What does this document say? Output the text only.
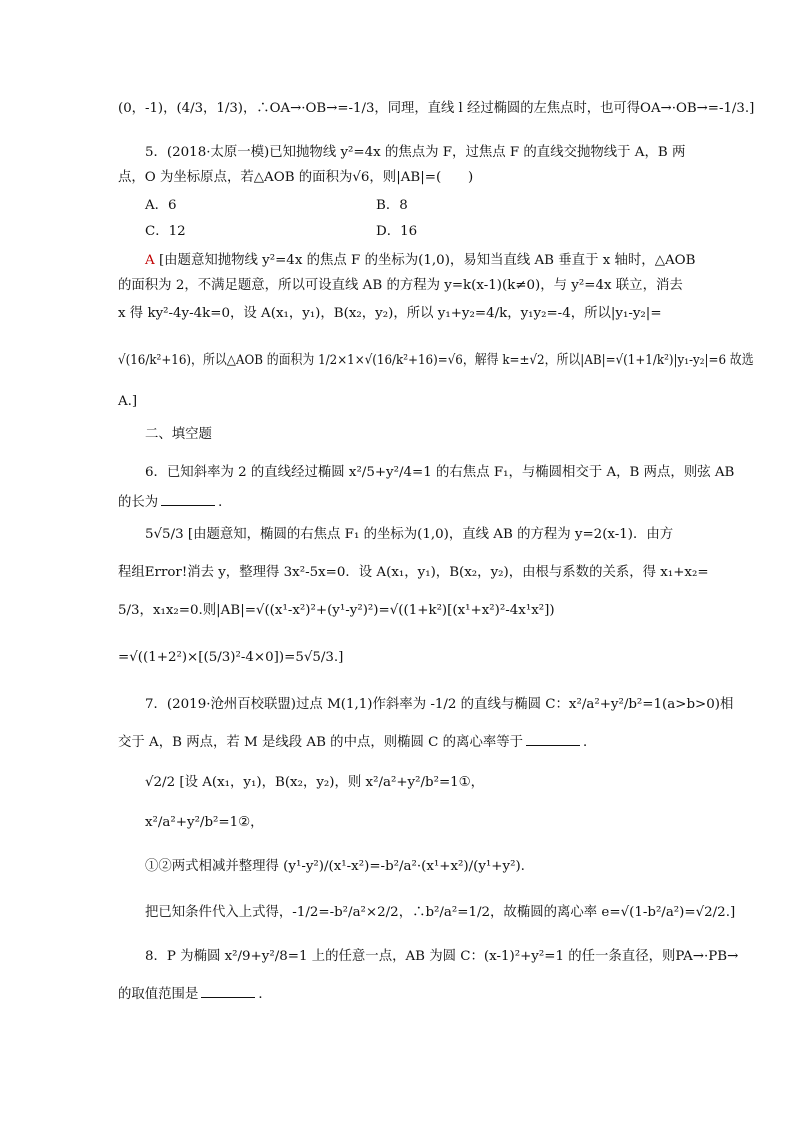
(0，-1)，(4/3，1/3)，∴OA→·OB→=-1/3，同理，直线 l 经过椭圆的左焦点时，也可得OA→·OB→=-1/3.]
5．(2018·太原一模)已知抛物线 y²=4x 的焦点为 F，过焦点 F 的直线交抛物线于 A，B 两
点，O 为坐标原点，若△AOB 的面积为√6，则|AB|=(　　)
A．6	B．8
C．12	D．16
A [由题意知抛物线 y²=4x 的焦点 F 的坐标为(1,0)，易知当直线 AB 垂直于 x 轴时，△AOB
的面积为 2，不满足题意，所以可设直线 AB 的方程为 y=k(x-1)(k≠0)，与 y²=4x 联立，消去
x 得 ky²-4y-4k=0，设 A(x₁，y₁)，B(x₂，y₂)，所以 y₁+y₂=4/k，y₁y₂=-4，所以|y₁-y₂|=
√(16/k²+16)，所以△AOB 的面积为 1/2×1×√(16/k²+16)=√6，解得 k=±√2，所以|AB|=√(1+1/k²)|y₁-y₂|=6 故选
A.]
二、填空题
6．已知斜率为 2 的直线经过椭圆 x²/5+y²/4=1 的右焦点 F₁，与椭圆相交于 A，B 两点，则弦 AB
的长为	．
5√5/3 [由题意知，椭圆的右焦点 F₁ 的坐标为(1,0)，直线 AB 的方程为 y=2(x-1)．由方
程组Error!消去 y，整理得 3x²-5x=0．设 A(x₁，y₁)，B(x₂，y₂)，由根与系数的关系，得 x₁+x₂=
5/3，x₁x₂=0.则|AB|=√((x¹-x²)²+(y¹-y²)²)=√((1+k²)[(x¹+x²)²-4x¹x²])
=√((1+2²)×[(5/3)²-4×0])=5√5/3.]
7．(2019·沧州百校联盟)过点 M(1,1)作斜率为 -1/2 的直线与椭圆 C：x²/a²+y²/b²=1(a>b>0)相
交于 A，B 两点，若 M 是线段 AB 的中点，则椭圆 C 的离心率等于	．
√2/2 [设 A(x₁，y₁)，B(x₂，y₂)，则 x²/a²+y²/b²=1①，
x²/a²+y²/b²=1②，
①②两式相减并整理得 (y¹-y²)/(x¹-x²)=-b²/a²·(x¹+x²)/(y¹+y²).
把已知条件代入上式得，-1/2=-b²/a²×2/2，∴b²/a²=1/2，故椭圆的离心率 e=√(1-b²/a²)=√2/2.]
8．P 为椭圆 x²/9+y²/8=1 上的任意一点，AB 为圆 C：(x-1)²+y²=1 的任一条直径，则PA→·PB→
的取值范围是	．
